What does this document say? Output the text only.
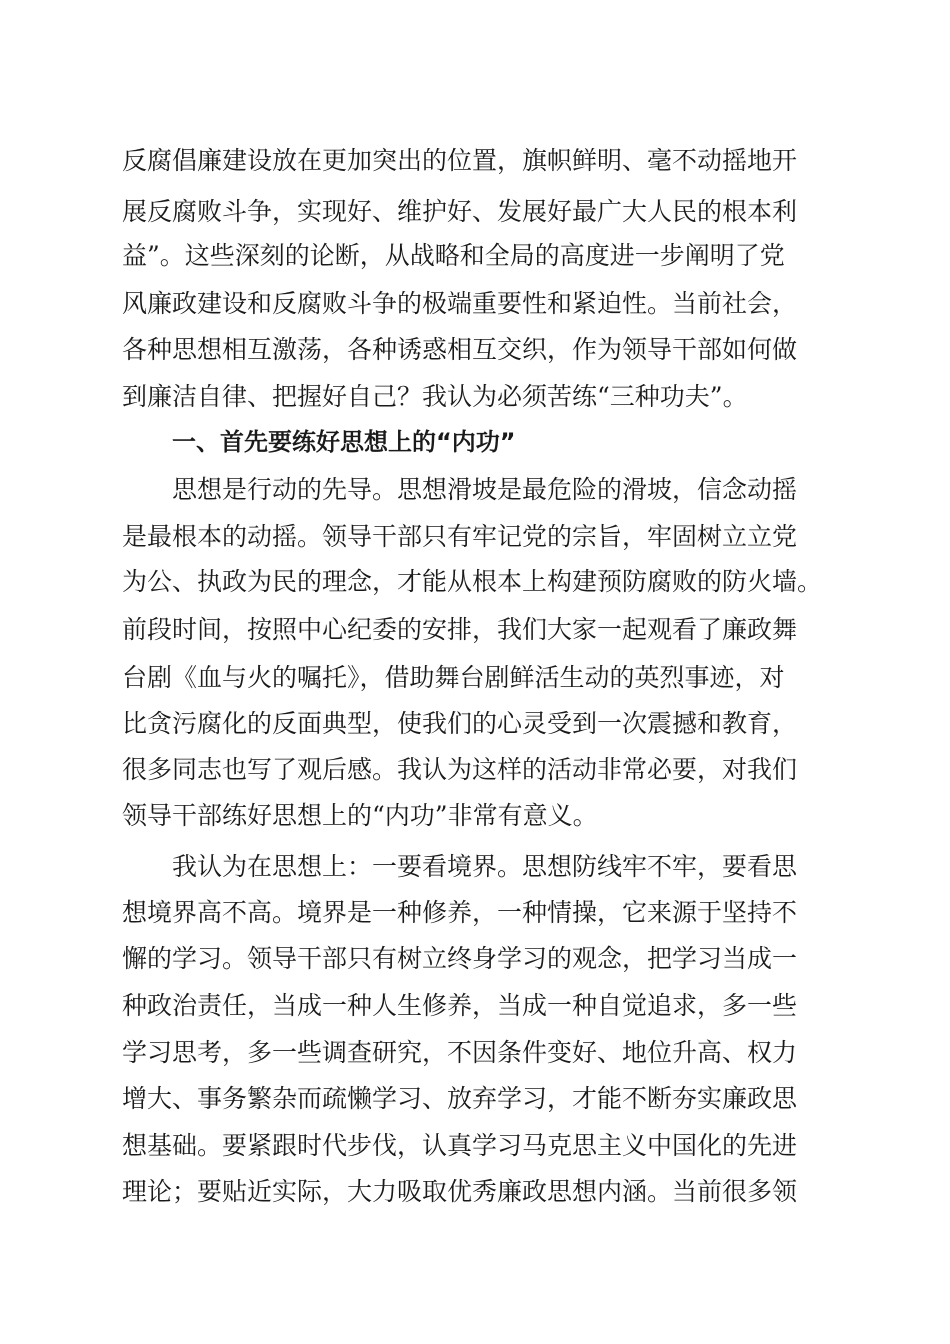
反腐倡廉建设放在更加突出的位置，旗帜鲜明、毫不动摇地开
展反腐败斗争，实现好、维护好、发展好最广大人民的根本利
益”。这些深刻的论断，从战略和全局的高度进一步阐明了党
风廉政建设和反腐败斗争的极端重要性和紧迫性。当前社会，
各种思想相互激荡，各种诱惑相互交织，作为领导干部如何做
到廉洁自律、把握好自己？我认为必须苦练“三种功夫”。
一、首先要练好思想上的“内功”
思想是行动的先导。思想滑坡是最危险的滑坡，信念动摇
是最根本的动摇。领导干部只有牢记党的宗旨，牢固树立立党
为公、执政为民的理念，才能从根本上构建预防腐败的防火墙。
前段时间，按照中心纪委的安排，我们大家一起观看了廉政舞
台剧《血与火的嘱托》，借助舞台剧鲜活生动的英烈事迹，对
比贪污腐化的反面典型，使我们的心灵受到一次震撼和教育，
很多同志也写了观后感。我认为这样的活动非常必要，对我们
领导干部练好思想上的“内功”非常有意义。
我认为在思想上：一要看境界。思想防线牢不牢，要看思
想境界高不高。境界是一种修养，一种情操，它来源于坚持不
懈的学习。领导干部只有树立终身学习的观念，把学习当成一
种政治责任，当成一种人生修养，当成一种自觉追求，多一些
学习思考，多一些调查研究，不因条件变好、地位升高、权力
增大、事务繁杂而疏懒学习、放弃学习，才能不断夯实廉政思
想基础。要紧跟时代步伐，认真学习马克思主义中国化的先进
理论；要贴近实际，大力吸取优秀廉政思想内涵。当前很多领
